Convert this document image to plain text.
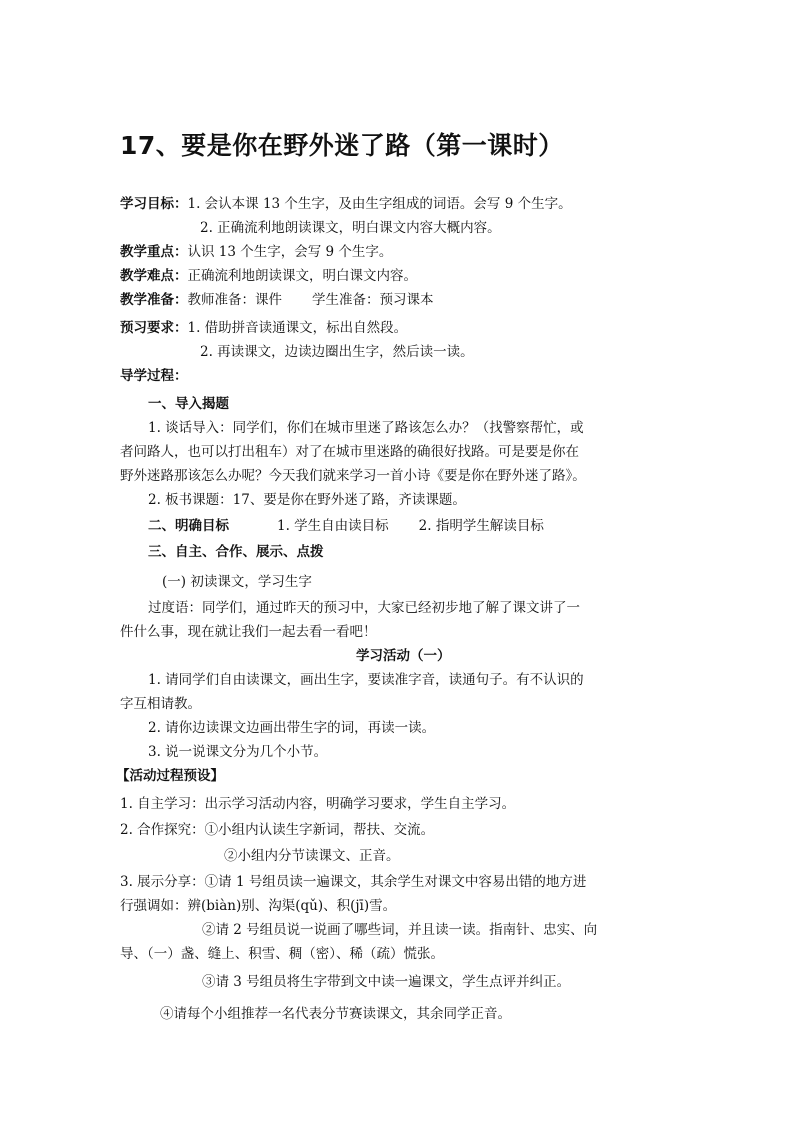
17、要是你在野外迷了路（第一课时）
学习目标：1. 会认本课 13 个生字，及由生字组成的词语。会写 9 个生字。
2. 正确流利地朗读课文，明白课文内容大概内容。
教学重点：认识 13 个生字，会写 9 个生字。
教学难点：正确流利地朗读课文，明白课文内容。
教学准备：教师准备：课件 学生准备：预习课本
预习要求：1. 借助拼音读通课文，标出自然段。
2. 再读课文，边读边圈出生字，然后读一读。
导学过程：
一、导入揭题
1. 谈话导入：同学们，你们在城市里迷了路该怎么办？（找警察帮忙，或
者问路人，也可以打出租车）对了在城市里迷路的确很好找路。可是要是你在
野外迷路那该怎么办呢？今天我们就来学习一首小诗《要是你在野外迷了路》。
2. 板书课题：17、要是你在野外迷了路，齐读课题。
二、明确目标	1. 学生自由读目标 2. 指明学生解读目标
三、自主、合作、展示、点拨
(一) 初读课文，学习生字
过度语：同学们，通过昨天的预习中，大家已经初步地了解了课文讲了一
件什么事，现在就让我们一起去看一看吧！
学习活动（一）
1. 请同学们自由读课文，画出生字，要读准字音，读通句子。有不认识的
字互相请教。
2. 请你边读课文边画出带生字的词，再读一读。
3. 说一说课文分为几个小节。
【活动过程预设】
1. 自主学习：出示学习活动内容，明确学习要求，学生自主学习。
2. 合作探究：①小组内认读生字新词，帮扶、交流。
②小组内分节读课文、正音。
3. 展示分享：①请 1 号组员读一遍课文，其余学生对课文中容易出错的地方进
行强调如：辨(biàn)别、沟渠(qǔ)、积(jī)雪。
②请 2 号组员说一说画了哪些词，并且读一读。指南针、忠实、向
导、（一）盏、缝上、积雪、稠（密）、稀（疏）慌张。
③请 3 号组员将生字带到文中读一遍课文，学生点评并纠正。
④请每个小组推荐一名代表分节赛读课文，其余同学正音。
